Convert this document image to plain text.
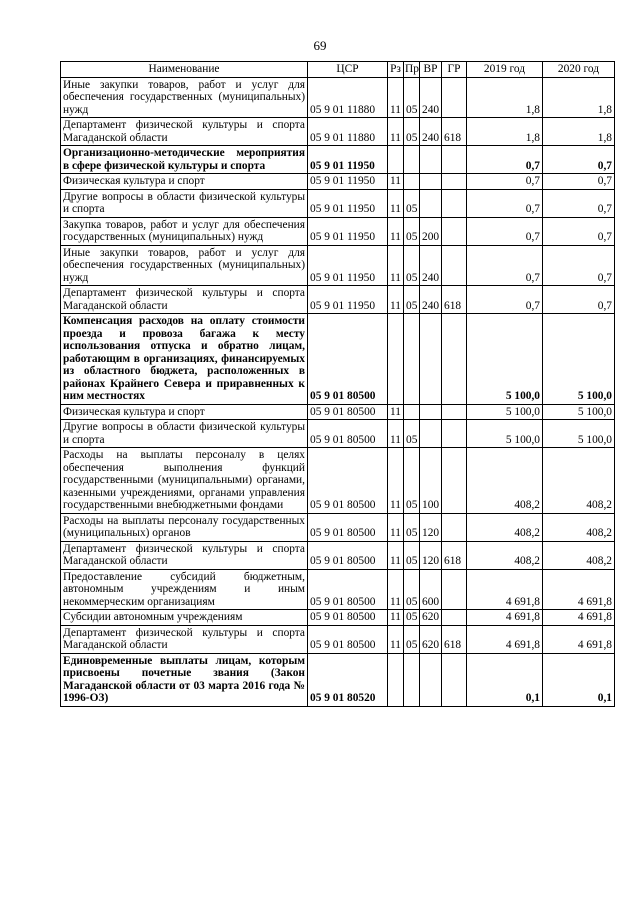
69
Наименование	ЦСР	Рз	Пр	ВР	ГР	2019 год	2020 год
Иные закупки товаров, работ и услуг для обеспечения государственных (муниципальных) нужд	05 9 01 11880	11	05	240		1,8	1,8
Департамент физической культуры и спорта Магаданской области	05 9 01 11880	11	05	240	618	1,8	1,8
Организационно-методические мероприятия в сфере физической культуры и спорта	05 9 01 11950					0,7	0,7
Физическая культура и спорт	05 9 01 11950	11				0,7	0,7
Другие вопросы в области физической культуры и спорта	05 9 01 11950	11	05			0,7	0,7
Закупка товаров, работ и услуг для обеспечения государственных (муниципальных) нужд	05 9 01 11950	11	05	200		0,7	0,7
Иные закупки товаров, работ и услуг для обеспечения государственных (муниципальных) нужд	05 9 01 11950	11	05	240		0,7	0,7
Департамент физической культуры и спорта Магаданской области	05 9 01 11950	11	05	240	618	0,7	0,7
Компенсация расходов на оплату стоимости проезда и провоза багажа к месту использования отпуска и обратно лицам, работающим в организациях, финансируемых из областного бюджета, расположенных в районах Крайнего Севера и приравненных к ним местностях	05 9 01 80500					5 100,0	5 100,0
Физическая культура и спорт	05 9 01 80500	11				5 100,0	5 100,0
Другие вопросы в области физической культуры и спорта	05 9 01 80500	11	05			5 100,0	5 100,0
Расходы на выплаты персоналу в целях обеспечения выполнения функций государственными (муниципальными) органами, казенными учреждениями, органами управления государственными внебюджетными фондами	05 9 01 80500	11	05	100		408,2	408,2
Расходы на выплаты персоналу государственных (муниципальных) органов	05 9 01 80500	11	05	120		408,2	408,2
Департамент физической культуры и спорта Магаданской области	05 9 01 80500	11	05	120	618	408,2	408,2
Предоставление субсидий бюджетным, автономным учреждениям и иным некоммерческим организациям	05 9 01 80500	11	05	600		4 691,8	4 691,8
Субсидии автономным учреждениям	05 9 01 80500	11	05	620		4 691,8	4 691,8
Департамент физической культуры и спорта Магаданской области	05 9 01 80500	11	05	620	618	4 691,8	4 691,8
Единовременные выплаты лицам, которым присвоены почетные звания (Закон Магаданской области от 03 марта 2016 года № 1996-ОЗ)	05 9 01 80520					0,1	0,1
